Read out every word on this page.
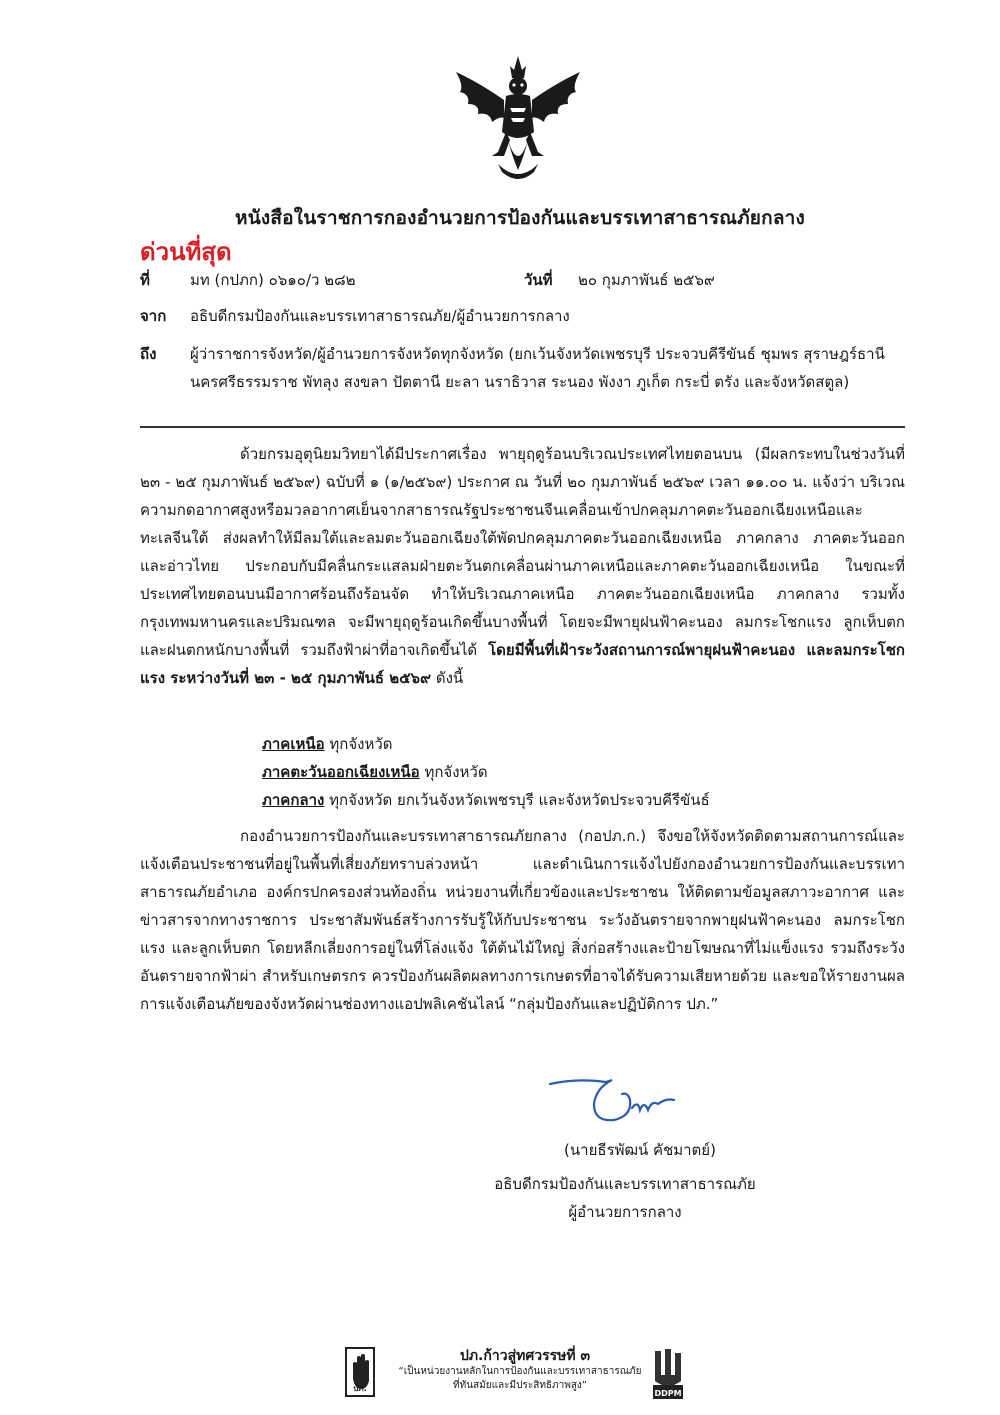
หนังสือในราชการกองอำนวยการป้องกันและบรรเทาสาธารณภัยกลาง
ด่วนที่สุด
ที่	มท (กปภก) ๐๖๑๐/ว ๒๘๒	วันที่ ๒๐ กุมภาพันธ์ ๒๕๖๙
จาก อธิบดีกรมป้องกันและบรรเทาสาธารณภัย/ผู้อำนวยการกลาง
ถึง ผู้ว่าราชการจังหวัด/ผู้อำนวยการจังหวัดทุกจังหวัด (ยกเว้นจังหวัดเพชรบุรี ประจวบคีรีขันธ์ ชุมพร สุราษฎร์ธานี นครศรีธรรมราช พัทลุง สงขลา ปัตตานี ยะลา นราธิวาส ระนอง พังงา ภูเก็ต กระบี่ ตรัง และจังหวัดสตูล)

ด้วยกรมอุตุนิยมวิทยาได้มีประกาศเรื่อง พายุฤดูร้อนบริเวณประเทศไทยตอนบน (มีผลกระทบในช่วงวันที่ ๒๓ - ๒๕ กุมภาพันธ์ ๒๕๖๙) ฉบับที่ ๑ (๑/๒๕๖๙) ประกาศ ณ วันที่ ๒๐ กุมภาพันธ์ ๒๕๖๙ เวลา ๑๑.๐๐ น. แจ้งว่า บริเวณความกดอากาศสูงหรือมวลอากาศเย็นจากสาธารณรัฐประชาชนจีนเคลื่อนเข้าปกคลุมภาคตะวันออกเฉียงเหนือและทะเลจีนใต้ ส่งผลทำให้มีลมใต้และลมตะวันออกเฉียงใต้พัดปกคลุมภาคตะวันออกเฉียงเหนือ ภาคกลาง ภาคตะวันออก และอ่าวไทย ประกอบกับมีคลื่นกระแสลมฝ่ายตะวันตกเคลื่อนผ่านภาคเหนือและภาคตะวันออกเฉียงเหนือ ในขณะที่ประเทศไทยตอนบนมีอากาศร้อนถึงร้อนจัด ทำให้บริเวณภาคเหนือ ภาคตะวันออกเฉียงเหนือ ภาคกลาง รวมทั้งกรุงเทพมหานครและปริมณฑล จะมีพายุฤดูร้อนเกิดขึ้นบางพื้นที่ โดยจะมีพายุฝนฟ้าคะนอง ลมกระโชกแรง ลูกเห็บตก และฝนตกหนักบางพื้นที่ รวมถึงฟ้าผ่าที่อาจเกิดขึ้นได้ โดยมีพื้นที่เฝ้าระวังสถานการณ์พายุฝนฟ้าคะนอง และลมกระโชกแรง ระหว่างวันที่ ๒๓ - ๒๕ กุมภาพันธ์ ๒๕๖๙ ดังนี้

ภาคเหนือ ทุกจังหวัด
ภาคตะวันออกเฉียงเหนือ ทุกจังหวัด
ภาคกลาง ทุกจังหวัด ยกเว้นจังหวัดเพชรบุรี และจังหวัดประจวบคีรีขันธ์

กองอำนวยการป้องกันและบรรเทาสาธารณภัยกลาง (กอปภ.ก.) จึงขอให้จังหวัดติดตามสถานการณ์และแจ้งเตือนประชาชนที่อยู่ในพื้นที่เสี่ยงภัยทราบล่วงหน้า และดำเนินการแจ้งไปยังกองอำนวยการป้องกันและบรรเทาสาธารณภัยอำเภอ องค์กรปกครองส่วนท้องถิ่น หน่วยงานที่เกี่ยวข้องและประชาชน ให้ติดตามข้อมูลสภาวะอากาศ และข่าวสารจากทางราชการ ประชาสัมพันธ์สร้างการรับรู้ให้กับประชาชน ระวังอันตรายจากพายุฝนฟ้าคะนอง ลมกระโชกแรง และลูกเห็บตก โดยหลีกเลี่ยงการอยู่ในที่โล่งแจ้ง ใต้ต้นไม้ใหญ่ สิ่งก่อสร้างและป้ายโฆษณาที่ไม่แข็งแรง รวมถึงระวังอันตรายจากฟ้าผ่า สำหรับเกษตรกร ควรป้องกันผลิตผลทางการเกษตรที่อาจได้รับความเสียหายด้วย และขอให้รายงานผลการแจ้งเตือนภัยของจังหวัดผ่านช่องทางแอปพลิเคชันไลน์ “กลุ่มป้องกันและปฏิบัติการ ปภ.”

(นายธีรพัฒน์ คัชมาตย์)
อธิบดีกรมป้องกันและบรรเทาสาธารณภัย
ผู้อำนวยการกลาง
ปภ.
ปภ.ก้าวสู่ทศวรรษที่ ๓
“เป็นหน่วยงานหลักในการป้องกันและบรรเทาสาธารณภัย ที่ทันสมัยและมีประสิทธิภาพสูง”
DDPM
